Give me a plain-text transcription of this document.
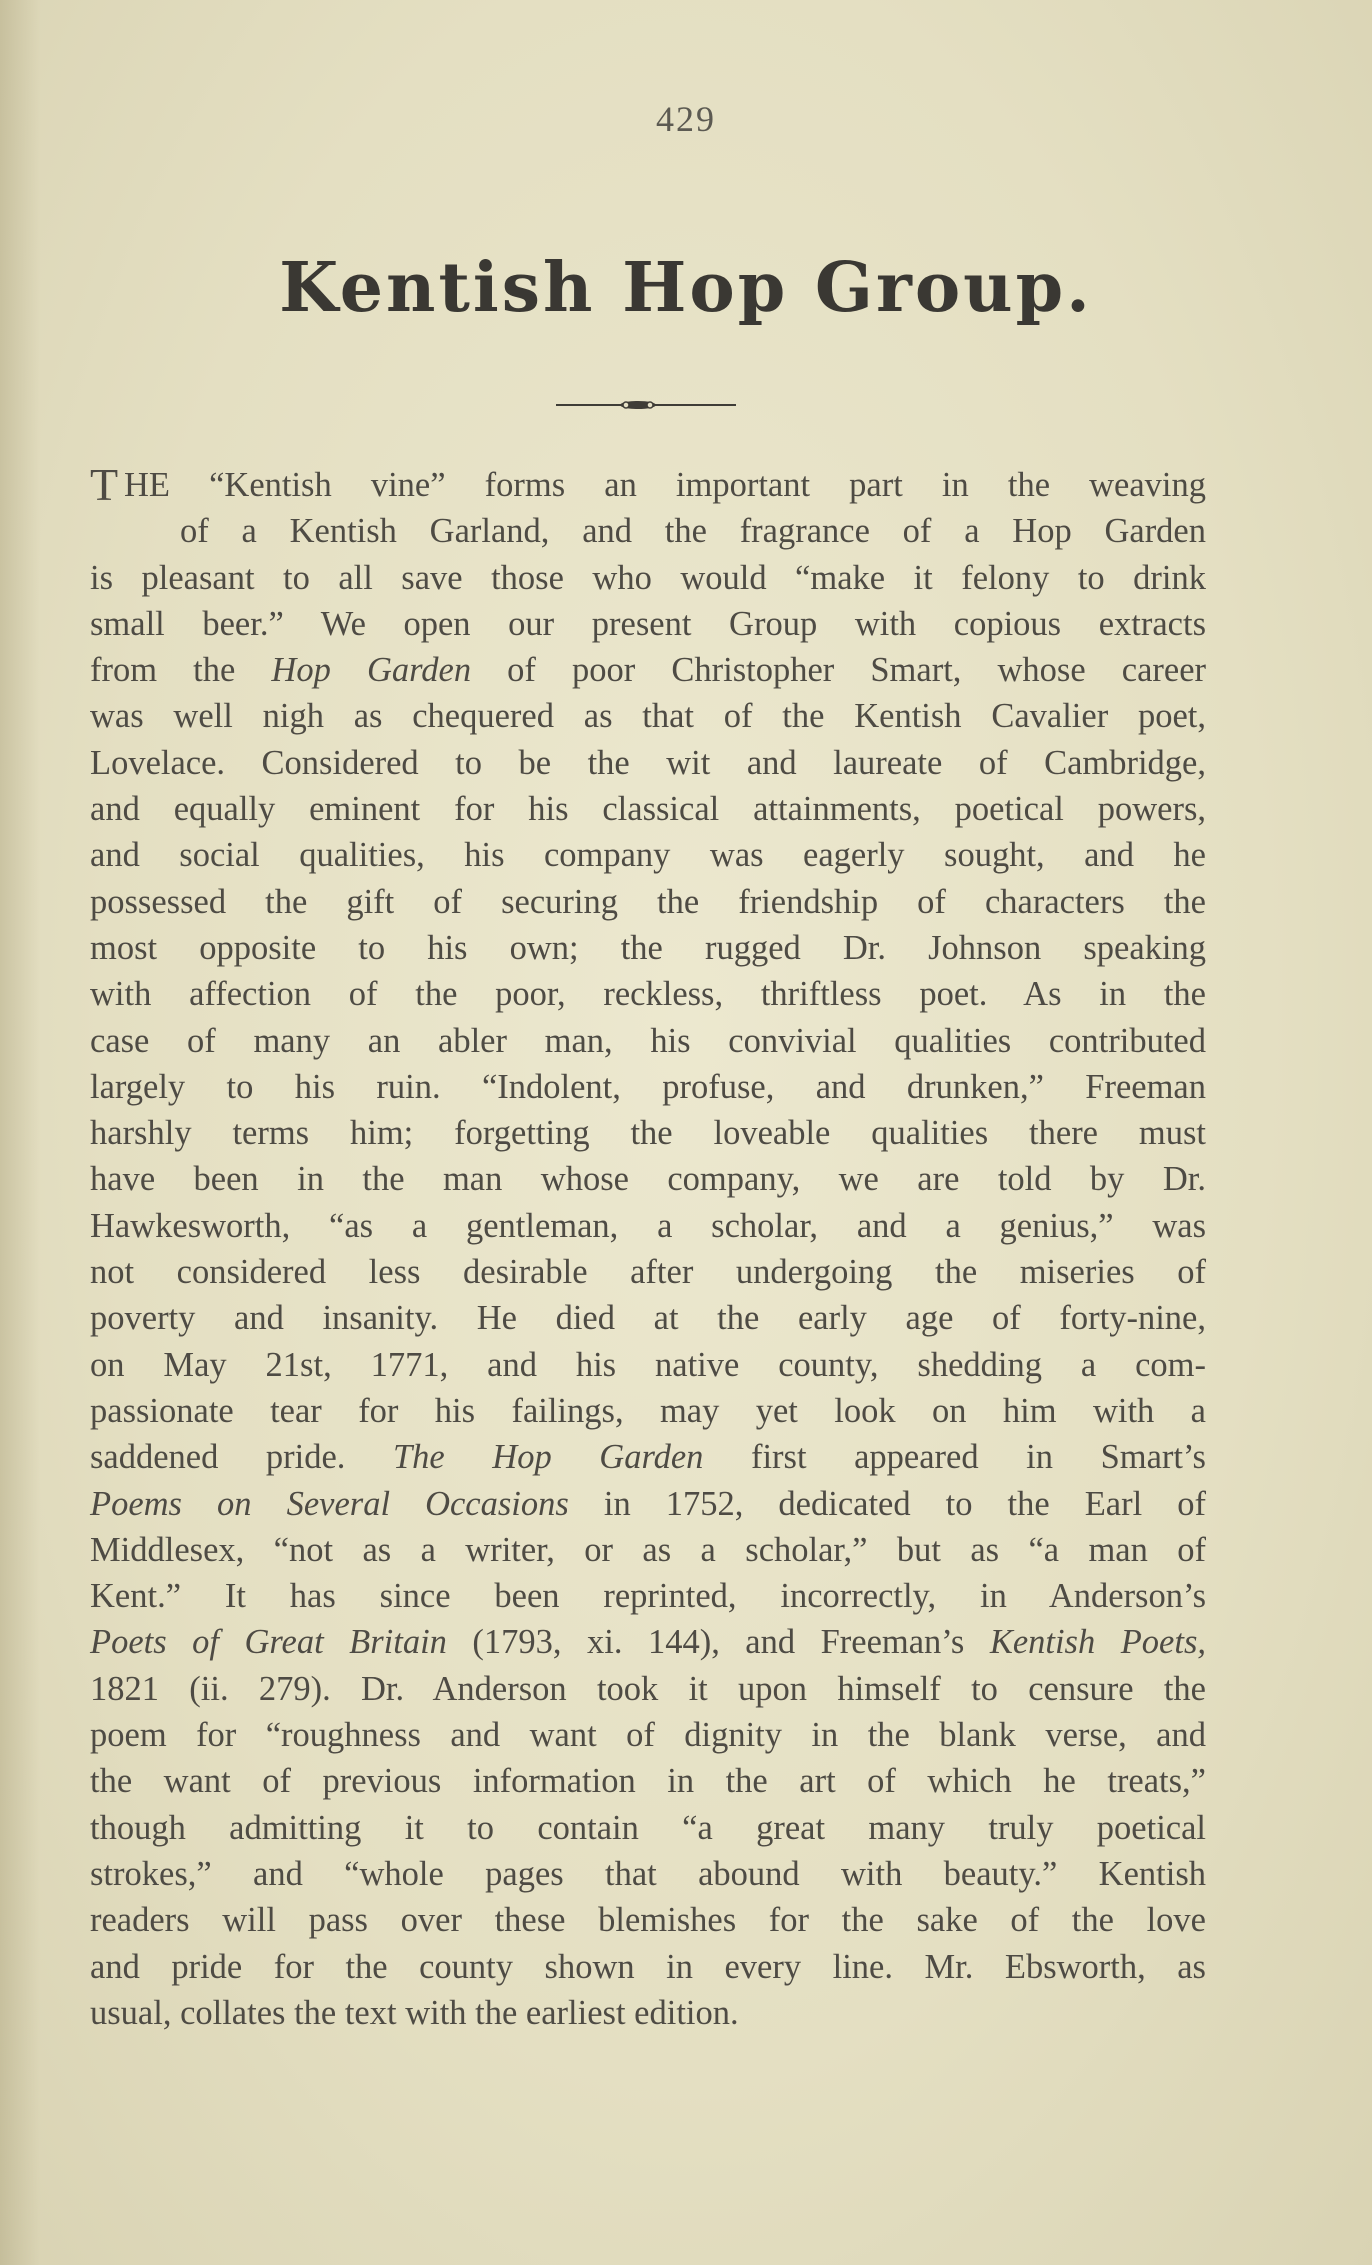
429
Kentish Hop Group.
T HE “Kentish vine” forms an important part in the weaving
of a Kentish Garland, and the fragrance of a Hop Garden
is pleasant to all save those who would “make it felony to drink
small beer.” We open our present Group with copious extracts
from the Hop Garden of poor Christopher Smart, whose career
was well nigh as chequered as that of the Kentish Cavalier poet,
Lovelace. Considered to be the wit and laureate of Cambridge,
and equally eminent for his classical attainments, poetical powers,
and social qualities, his company was eagerly sought, and he
possessed the gift of securing the friendship of characters the
most opposite to his own; the rugged Dr. Johnson speaking
with affection of the poor, reckless, thriftless poet. As in the
case of many an abler man, his convivial qualities contributed
largely to his ruin. “Indolent, profuse, and drunken,” Freeman
harshly terms him; forgetting the loveable qualities there must
have been in the man whose company, we are told by Dr.
Hawkesworth, “as a gentleman, a scholar, and a genius,” was
not considered less desirable after undergoing the miseries of
poverty and insanity. He died at the early age of forty-nine,
on May 21st, 1771, and his native county, shedding a com-
passionate tear for his failings, may yet look on him with a
saddened pride. The Hop Garden first appeared in Smart’s
Poems on Several Occasions in 1752, dedicated to the Earl of
Middlesex, “not as a writer, or as a scholar,” but as “a man of
Kent.” It has since been reprinted, incorrectly, in Anderson’s
Poets of Great Britain (1793, xi. 144), and Freeman’s Kentish Poets,
1821 (ii. 279). Dr. Anderson took it upon himself to censure the
poem for “roughness and want of dignity in the blank verse, and
the want of previous information in the art of which he treats,”
though admitting it to contain “a great many truly poetical
strokes,” and “whole pages that abound with beauty.” Kentish
readers will pass over these blemishes for the sake of the love
and pride for the county shown in every line. Mr. Ebsworth, as
usual, collates the text with the earliest edition.
